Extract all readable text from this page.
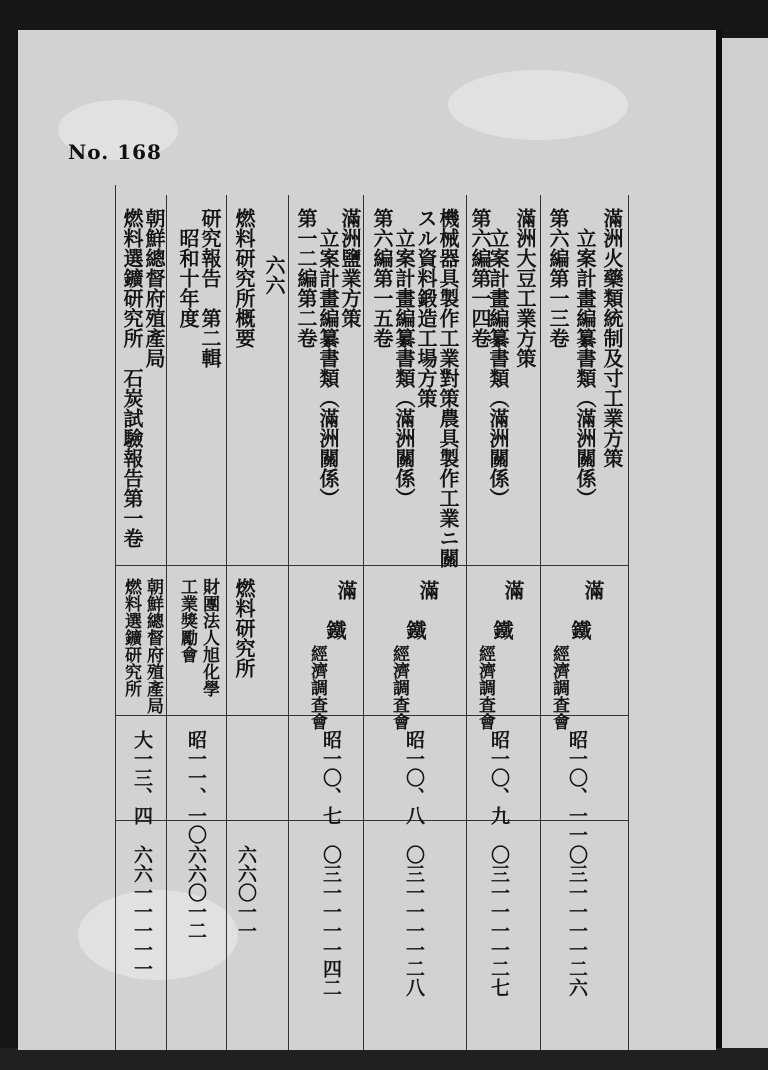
No. 168
滿洲火藥類統制及寸工業方策
立案計畫編纂書類（滿洲關係）
第六編第一三卷
滿
鐵
經濟調査會
昭一〇、一一
〇三一一一一二六
滿洲大豆工業方策
立案計畫編纂書類（滿洲關係）
第六編第一四卷
滿
鐵
經濟調査會
昭一〇、九
〇三一一一一二七
機械器具製作工業對策農具製作工業ニ關
スル資料鍛造工場方策
立案計畫編纂書類（滿洲關係）
第六編第一五卷
滿
鐵
經濟調査會
昭一〇、八
〇三一一一一二八
滿洲鹽業方策
立案計畫編纂書類（滿洲關係）
第一二編第二卷
滿
鐵
經濟調査會
昭一〇、七
〇三一一一一四二
六六
燃料研究所概要
燃料研究所
六六〇一一
研究報告　第二輯
昭和十年度
財團法人旭化學
工業獎勵會
昭一一、一〇
六六〇一二
朝鮮總督府殖產局
燃料選鑛研究所　石炭試驗報告第一卷
朝鮮總督府殖產局
燃料選鑛研究所
大一三、四
六六一一一一一
